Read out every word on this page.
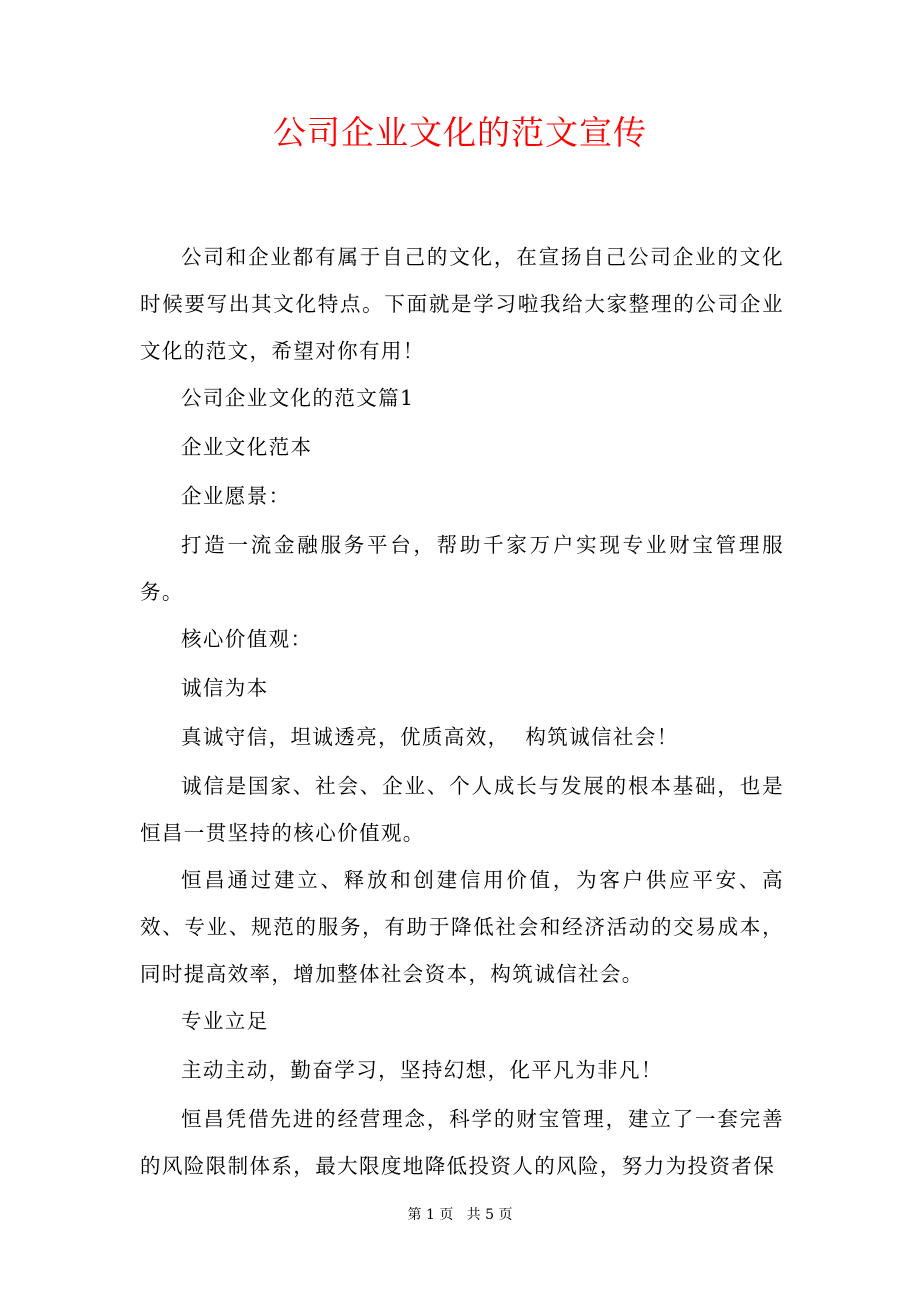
公司企业文化的范文宣传

公司和企业都有属于自己的文化，在宣扬自己公司企业的文化时候要写出其文化特点。下面就是学习啦我给大家整理的公司企业文化的范文，希望对你有用！

公司企业文化的范文篇1

企业文化范本

企业愿景：

打造一流金融服务平台，帮助千家万户实现专业财宝管理服务。

核心价值观：

诚信为本

真诚守信，坦诚透亮，优质高效，  构筑诚信社会！

诚信是国家、社会、企业、个人成长与发展的根本基础，也是恒昌一贯坚持的核心价值观。

恒昌通过建立、释放和创建信用价值，为客户供应平安、高效、专业、规范的服务，有助于降低社会和经济活动的交易成本，同时提高效率，增加整体社会资本，构筑诚信社会。

专业立足

主动主动，勤奋学习，坚持幻想，化平凡为非凡！

恒昌凭借先进的经营理念，科学的财宝管理，建立了一套完善的风险限制体系，最大限度地降低投资人的风险，努力为投资者保

第 1 页   共 5 页
